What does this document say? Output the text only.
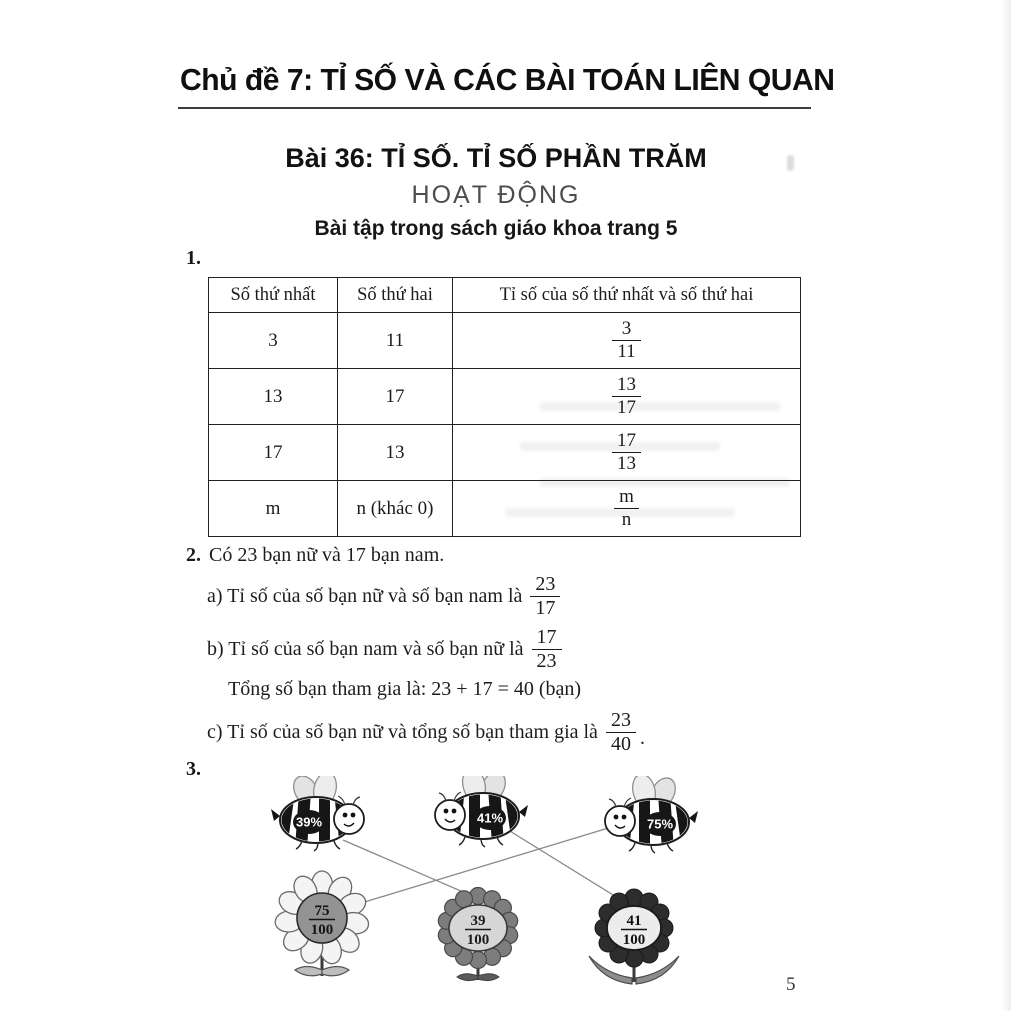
Chủ đề 7: TỈ SỐ VÀ CÁC BÀI TOÁN LIÊN QUAN
Bài 36: TỈ SỐ. TỈ SỐ PHẦN TRĂM
HOẠT ĐỘNG
Bài tập trong sách giáo khoa trang 5
1.
Số thứ nhất	Số thứ hai	Tỉ số của số thứ nhất và số thứ hai
3	11	$\frac{3}{11}$

13	17	$\frac{13}{17}$

17	13	$\frac{17}{13}$

m	n (khác 0)	$\frac{m}{n}$
2. Có 23 bạn nữ và 17 bạn nam.
a) Tỉ số của số bạn nữ và số bạn nam là $\frac{23}{17}$
b) Tỉ số của số bạn nam và số bạn nữ là $\frac{17}{23}$
Tổng số bạn tham gia là: 23 + 17 = 40 (bạn)
c) Tỉ số của số bạn nữ và tổng số bạn tham gia là $\frac{23}{40}$ .
3.
39%	41%	75%
75
100
39
100
41
100
5
